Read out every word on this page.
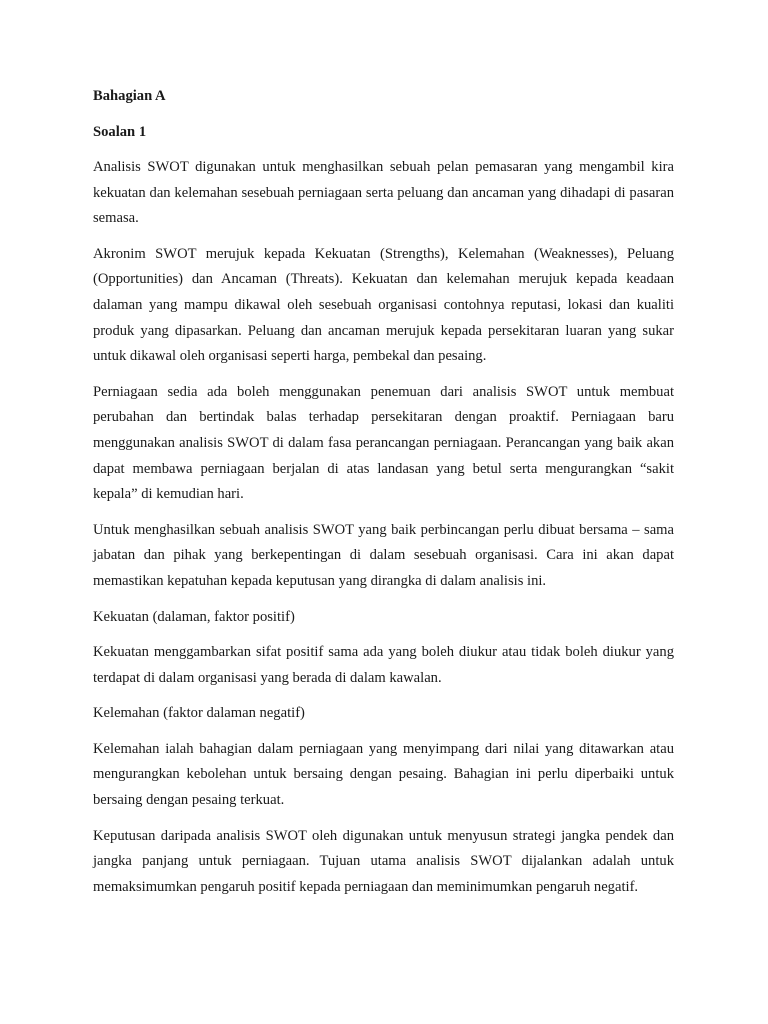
Bahagian A

Soalan 1

Analisis SWOT digunakan untuk menghasilkan sebuah pelan pemasaran yang mengambil kira kekuatan dan kelemahan sesebuah perniagaan serta peluang dan ancaman yang dihadapi di pasaran semasa.

Akronim SWOT merujuk kepada Kekuatan (Strengths), Kelemahan (Weaknesses), Peluang (Opportunities) dan Ancaman (Threats). Kekuatan dan kelemahan merujuk kepada keadaan dalaman yang mampu dikawal oleh sesebuah organisasi contohnya reputasi, lokasi dan kualiti produk yang dipasarkan. Peluang dan ancaman merujuk kepada persekitaran luaran yang sukar untuk dikawal oleh organisasi seperti harga, pembekal dan pesaing.

Perniagaan sedia ada boleh menggunakan penemuan dari analisis SWOT untuk membuat perubahan dan bertindak balas terhadap persekitaran dengan proaktif. Perniagaan baru menggunakan analisis SWOT di dalam fasa perancangan perniagaan. Perancangan yang baik akan dapat membawa perniagaan berjalan di atas landasan yang betul serta mengurangkan “sakit kepala” di kemudian hari.

Untuk menghasilkan sebuah analisis SWOT yang baik perbincangan perlu dibuat bersama – sama jabatan dan pihak yang berkepentingan di dalam sesebuah organisasi. Cara ini akan dapat memastikan kepatuhan kepada keputusan yang dirangka di dalam analisis ini.

Kekuatan (dalaman, faktor positif)

Kekuatan menggambarkan sifat positif sama ada yang boleh diukur atau tidak boleh diukur yang terdapat di dalam organisasi yang berada di dalam kawalan.

Kelemahan (faktor dalaman negatif)

Kelemahan ialah bahagian dalam perniagaan yang menyimpang dari nilai yang ditawarkan atau mengurangkan kebolehan untuk bersaing dengan pesaing. Bahagian ini perlu diperbaiki untuk bersaing dengan pesaing terkuat.

Keputusan daripada analisis SWOT oleh digunakan untuk menyusun strategi jangka pendek dan jangka panjang untuk perniagaan. Tujuan utama analisis SWOT dijalankan adalah untuk memaksimumkan pengaruh positif kepada perniagaan dan meminimumkan pengaruh negatif.
